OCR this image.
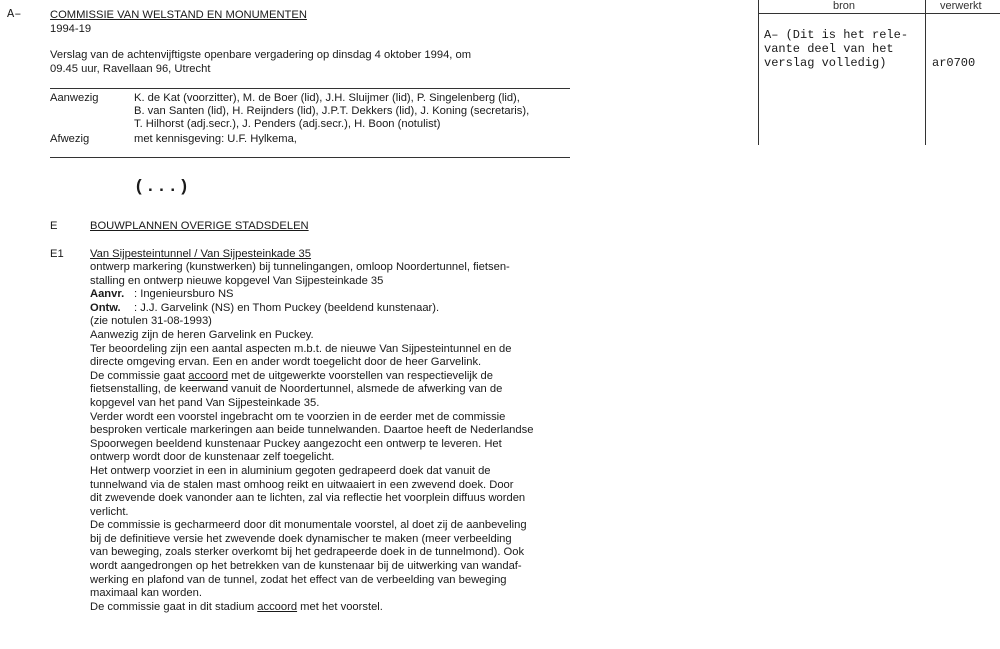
A–	COMMISSIE VAN WELSTAND EN MONUMENTEN
1994-19
Verslag van de achtenvijftigste openbare vergadering op dinsdag 4 oktober 1994, om
09.45 uur, Ravellaan 96, Utrecht
Aanwezig	K. de Kat (voorzitter), M. de Boer (lid), J.H. Sluijmer (lid), P. Singelenberg (lid),
B. van Santen (lid), H. Reijnders (lid), J.P.T. Dekkers (lid), J. Koning (secretaris),
T. Hilhorst (adj.secr.), J. Penders (adj.secr.), H. Boon (notulist)
Afwezig	met kennisgeving: U.F. Hylkema,
(...)
E	BOUWPLANNEN OVERIGE STADSDELEN
E1 Van Sijpesteintunnel / Van Sijpesteinkade 35
ontwerp markering (kunstwerken) bij tunnelingangen, omloop Noordertunnel, fietsen-
stalling en ontwerp nieuwe kopgevel Van Sijpesteinkade 35
Aanvr. : Ingenieursburo NS
Ontw. : J.J. Garvelink (NS) en Thom Puckey (beeldend kunstenaar).
(zie notulen 31-08-1993)
Aanwezig zijn de heren Garvelink en Puckey.
Ter beoordeling zijn een aantal aspecten m.b.t. de nieuwe Van Sijpesteintunnel en de
directe omgeving ervan. Een en ander wordt toegelicht door de heer Garvelink.
De commissie gaat accoord met de uitgewerkte voorstellen van respectievelijk de
fietsenstalling, de keerwand vanuit de Noordertunnel, alsmede de afwerking van de
kopgevel van het pand Van Sijpesteinkade 35.
Verder wordt een voorstel ingebracht om te voorzien in de eerder met de commissie
besproken verticale markeringen aan beide tunnelwanden. Daartoe heeft de Nederlandse
Spoorwegen beeldend kunstenaar Puckey aangezocht een ontwerp te leveren. Het
ontwerp wordt door de kunstenaar zelf toegelicht.
Het ontwerp voorziet in een in aluminium gegoten gedrapeerd doek dat vanuit de
tunnelwand via de stalen mast omhoog reikt en uitwaaiert in een zwevend doek. Door
dit zwevende doek vanonder aan te lichten, zal via reflectie het voorplein diffuus worden
verlicht.
De commissie is gecharmeerd door dit monumentale voorstel, al doet zij de aanbeveling
bij de definitieve versie het zwevende doek dynamischer te maken (meer verbeelding
van beweging, zoals sterker overkomt bij het gedrapeerde doek in de tunnelmond). Ook
wordt aangedrongen op het betrekken van de kunstenaar bij de uitwerking van wandaf-
werking en plafond van de tunnel, zodat het effect van de verbeelding van beweging
maximaal kan worden.
De commissie gaat in dit stadium accoord met het voorstel.
bron	verwerkt
A– (Dit is het rele-
vante deel van het
verslag volledig)	ar0700
